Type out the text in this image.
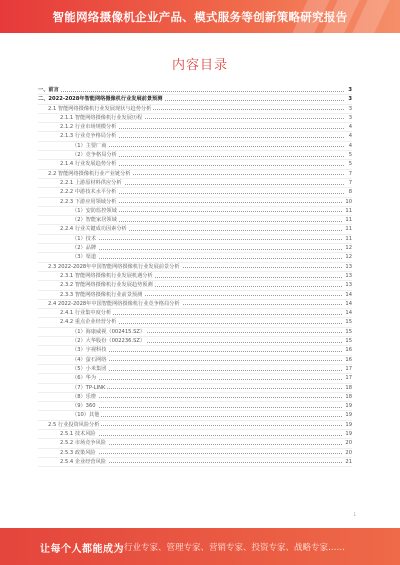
智能网络摄像机企业产品、模式服务等创新策略研究报告
内容目录
一、前言	3
二、2022-2028年智能网络摄像机行业发展前景预测	3
2.1 智能网络摄像机行业发展现状与趋势分析	3
2.1.1 智能网络摄像机行业发展历程	3
2.1.2 行业市场规模分析	4
2.1.3 行业竞争格局分析	4
（1）主要厂商	4
（2）竞争格局分析	5
2.1.4 行业发展趋势分析	5
2.2 智能网络摄像机行业产业链分析	7
2.2.1 上游原材料供应分析	7
2.2.2 中游技术水平分析	8
2.2.3 下游应用领域分析	10
（1）安防监控领域	11
（2）智能家居领域	11
2.2.4 行业关键成功因素分析	11
（1）技术	11
（2）品牌	12
（3）渠道	12
2.3 2022-2028年中国智能网络摄像机行业发展前景分析	13
2.3.1 智能网络摄像机行业发展机遇分析	13
2.3.2 智能网络摄像机行业发展趋势预测	13
2.3.3 智能网络摄像机行业前景预测	14
2.4 2022-2028年中国智能网络摄像机行业竞争格局分析	14
2.4.1 行业集中度分析	14
2.4.2 重点企业经营分析	15
（1）海康威视（002415.SZ）	15
（2）大华股份（002236.SZ）	15
（3）宇视科技	16
（4）萤石网络	16
（5）小米集团	17
（6）华为	17
（7）TP-LINK	18
（8）乐橙	18
（9）360	19
（10）其他	19
2.5 行业投资风险分析	19
2.5.1 技术风险	19
2.5.2 市场竞争风险	20
2.5.3 政策风险	20
2.5.4 企业经营风险	21
1
让每个人都能成为 行业专家、管理专家、营销专家、投资专家、战略专家……
